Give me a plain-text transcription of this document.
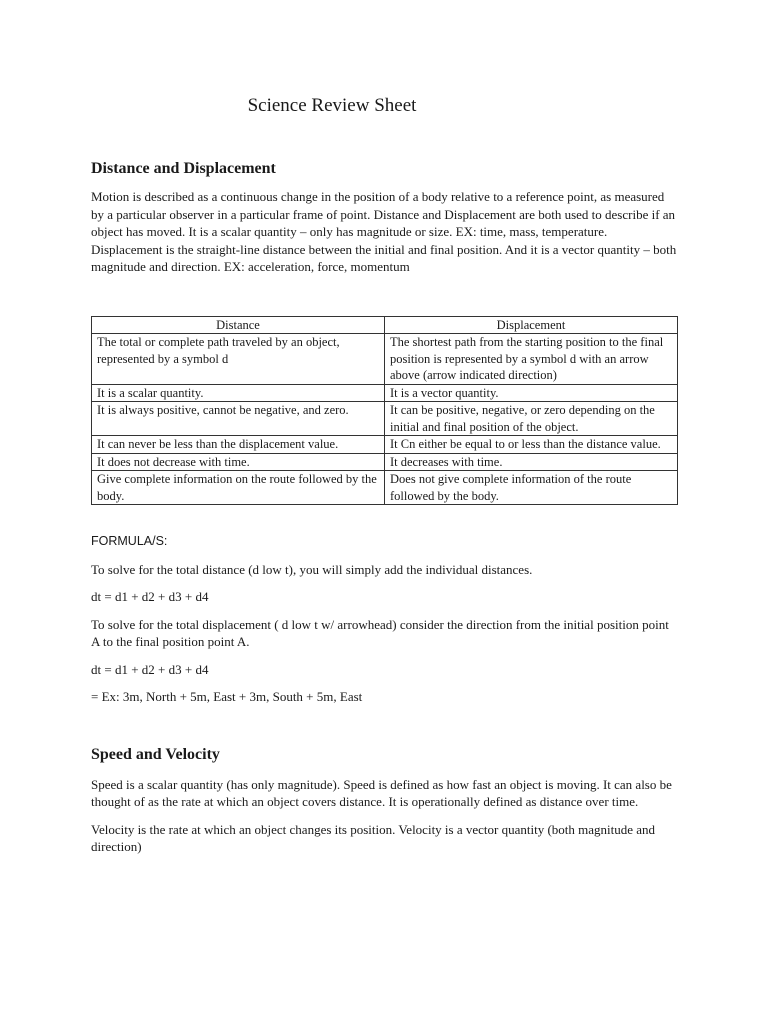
Science Review Sheet
Distance and Displacement

Motion is described as a continuous change in the position of a body relative to a reference point, as measured by a particular observer in a particular frame of point. Distance and Displacement are both used to describe if an object has moved. It is a scalar quantity – only has magnitude or size. EX: time, mass, temperature. Displacement is the straight-line distance between the initial and final position. And it is a vector quantity – both magnitude and direction. EX: acceleration, force, momentum

Distance	Displacement
The total or complete path traveled by an object, represented by a symbol d	The shortest path from the starting position to the final position is represented by a symbol d with an arrow above (arrow indicated direction)
It is a scalar quantity.	It is a vector quantity.
It is always positive, cannot be negative, and zero.	It can be positive, negative, or zero depending on the initial and final position of the object.
It can never be less than the displacement value.	It Cn either be equal to or less than the distance value.
It does not decrease with time.	It decreases with time.
Give complete information on the route followed by the body.	Does not give complete information of the route followed by the body.

FORMULA/S:

To solve for the total distance (d low t), you will simply add the individual distances.

dt = d1 + d2 + d3 + d4

To solve for the total displacement ( d low t w/ arrowhead) consider the direction from the initial position point A to the final position point A.

dt = d1 + d2 + d3 + d4

= Ex: 3m, North + 5m, East + 3m, South + 5m, East

Speed and Velocity

Speed is a scalar quantity (has only magnitude). Speed is defined as how fast an object is moving. It can also be thought of as the rate at which an object covers distance. It is operationally defined as distance over time.

Velocity is the rate at which an object changes its position. Velocity is a vector quantity (both magnitude and direction)
